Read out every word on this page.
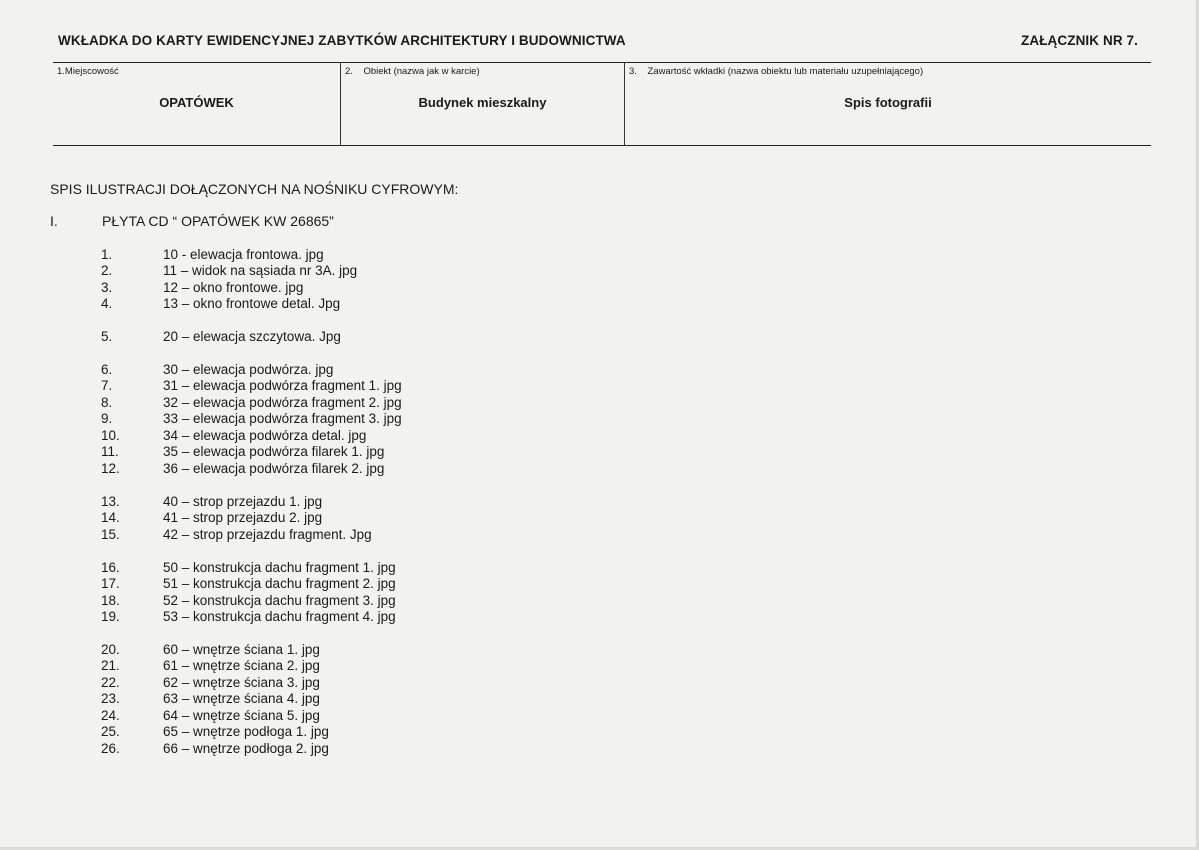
WKŁADKA DO KARTY EWIDENCYJNEJ ZABYTKÓW ARCHITEKTURY I BUDOWNICTWA	ZAŁĄCZNIK NR 7.
1.Miejscowość
OPATÓWEK
2.    Obiekt (nazwa jak w karcie)
Budynek mieszkalny
3.    Zawartość wkładki (nazwa obiektu lub materiału uzupełniającego)
Spis fotografii
SPIS ILUSTRACJI DOŁĄCZONYCH NA NOŚNIKU CYFROWYM:
I.	PŁYTA CD “ OPATÓWEK KW 26865”
1.	10 - elewacja frontowa. jpg
2.	11 – widok na sąsiada nr 3A. jpg
3.	12 – okno frontowe. jpg
4.	13 – okno frontowe detal. Jpg
5.	20 – elewacja szczytowa. Jpg
6.	30 – elewacja podwórza. jpg
7.	31 – elewacja podwórza fragment 1. jpg
8.	32 – elewacja podwórza fragment 2. jpg
9.	33 – elewacja podwórza fragment 3. jpg
10.	34 – elewacja podwórza detal. jpg
11.	35 – elewacja podwórza filarek 1. jpg
12.	36 – elewacja podwórza filarek 2. jpg
13.	40 – strop przejazdu 1. jpg
14.	41 – strop przejazdu 2. jpg
15.	42 – strop przejazdu fragment. Jpg
16.	50 – konstrukcja dachu fragment 1. jpg
17.	51 – konstrukcja dachu fragment 2. jpg
18.	52 – konstrukcja dachu fragment 3. jpg
19.	53 – konstrukcja dachu fragment 4. jpg
20.	60 – wnętrze ściana 1. jpg
21.	61 – wnętrze ściana 2. jpg
22.	62 – wnętrze ściana 3. jpg
23.	63 – wnętrze ściana 4. jpg
24.	64 – wnętrze ściana 5. jpg
25.	65 – wnętrze podłoga 1. jpg
26.	66 – wnętrze podłoga 2. jpg
